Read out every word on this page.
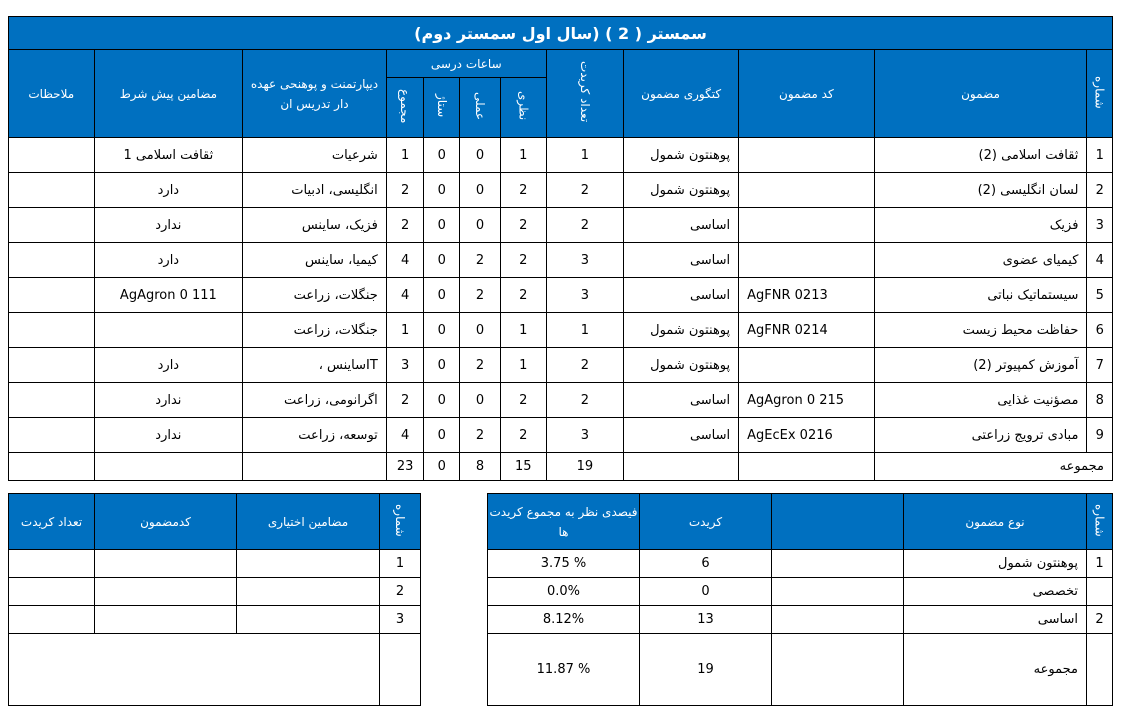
سمستر ( 2 ) (سال اول سمستر دوم)											
ملاحظات	مضامین پیش شرط	دیپارتمنت و پوهنحی عهده دار تدریس ان	ساعات درسی				تعداد کریدت	کتگوری مضمون	کد مضمون	مضمون	شماره
			مجموع	ستاژ	عملی	نظری					
	ثقافت اسلامی 1	شرعیات	1	0	0	1	1	پوهنتون شمول		ثقافت اسلامی (2)	1
	دارد	انگلیسی، ادبیات	2	0	0	2	2	پوهنتون شمول		لسان انگلیسی (2)	2
	ندارد	فزیک، ساینس	2	0	0	2	2	اساسی		فزیک	3
	دارد	کیمیا، ساینس	4	0	2	2	3	اساسی		کیمیای عضوی	4
	AgAgron 0 111	جنگلات، زراعت	4	0	2	2	3	اساسی	AgFNR 0213	سیستماتیک نباتی	5
		جنگلات، زراعت	1	0	0	1	1	پوهنتون شمول	AgFNR 0214	حفاظت محیط زیست	6
	دارد	، ساینسIT	3	0	2	1	2	پوهنتون شمول		آموزش کمپیوتر (2)	7
	ندارد	اگرانومی، زراعت	2	0	0	2	2	اساسی	AgAgron 0 215	مصؤنیت غذایی	8
	ندارد	توسعه، زراعت	4	0	2	2	3	اساسی	AgEcEx 0216	مبادی ترویج زراعتی	9
			23	0	8	15	19			مجموعه	
تعداد کریدت	کدمضمون	مضامین اختیاری	شماره
			1
			2
			3

فیصدی نظر به مجموع کریدت ها	کریدت		نوع مضمون	شماره
3.75 %	6		پوهنتون شمول	1
0.0%	0		تخصصی	
8.12%	13		اساسی	2
11.87 %	19		مجموعه	
